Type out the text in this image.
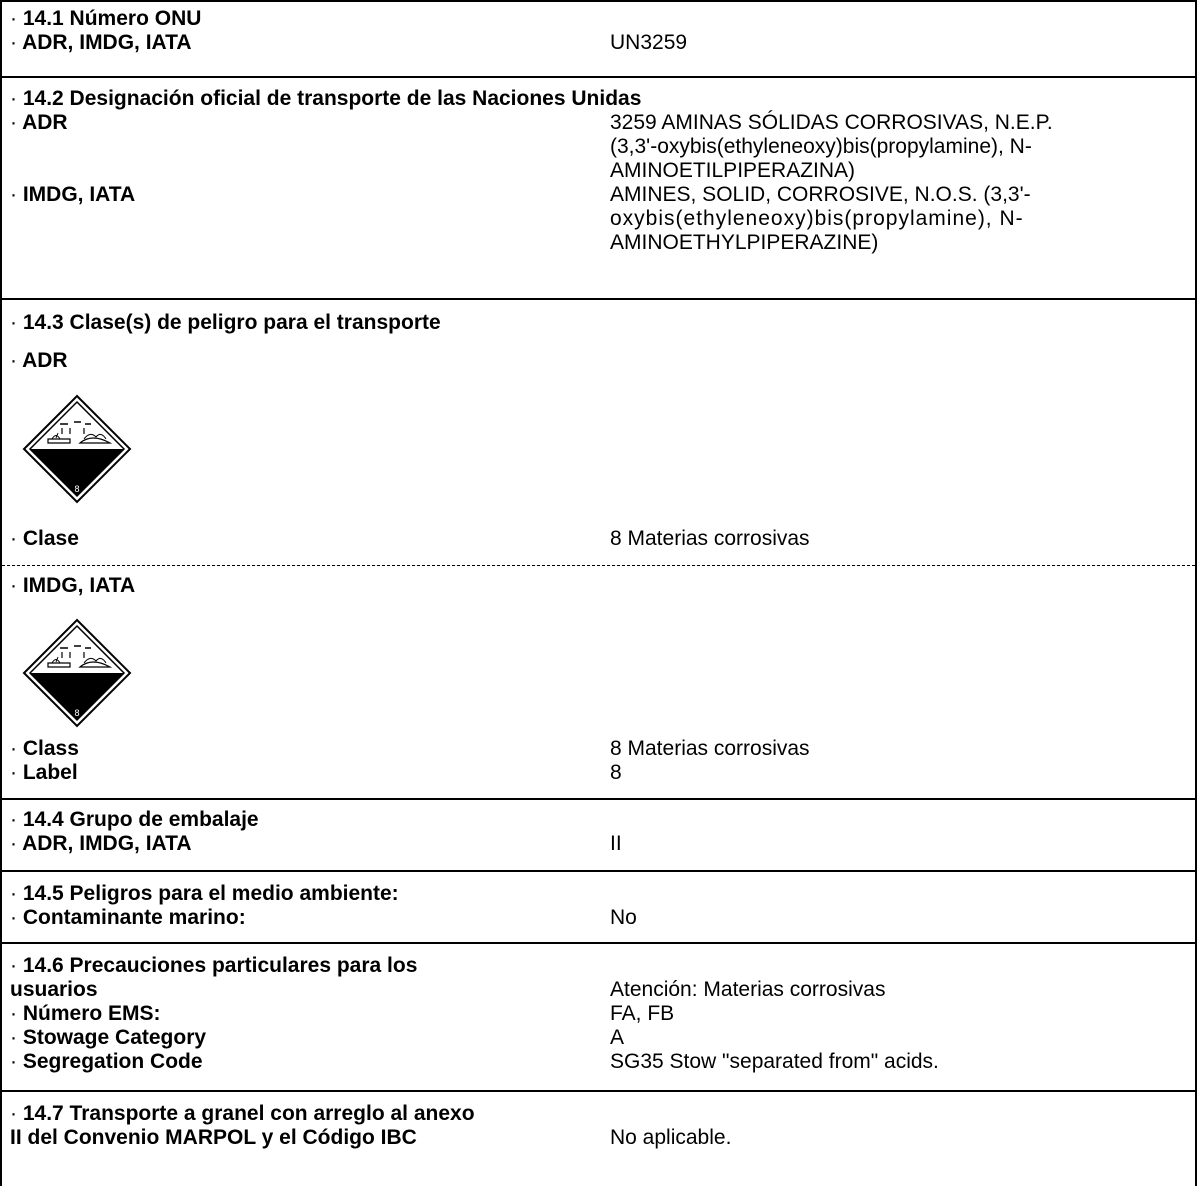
· 14.1 Número ONU
· ADR, IMDG, IATA	UN3259
· 14.2 Designación oficial de transporte de las Naciones Unidas
· ADR	3259 AMINAS SÓLIDAS CORROSIVAS, N.E.P.
(3,3'-oxybis(ethyleneoxy)bis(propylamine), N-
AMINOETILPIPERAZINA)
· IMDG, IATA	AMINES, SOLID, CORROSIVE, N.O.S. (3,3'-
oxybis(ethyleneoxy)bis(propylamine), N-
AMINOETHYLPIPERAZINE)
· 14.3 Clase(s) de peligro para el transporte
· ADR
8
· Clase	8 Materias corrosivas
· IMDG, IATA
8
· Class	8 Materias corrosivas
· Label	8
· 14.4 Grupo de embalaje
· ADR, IMDG, IATA	II
· 14.5 Peligros para el medio ambiente:
· Contaminante marino:	No
· 14.6 Precauciones particulares para los
usuarios	Atención: Materias corrosivas
· Número EMS:	FA, FB
· Stowage Category	A
· Segregation Code	SG35 Stow "separated from" acids.
· 14.7 Transporte a granel con arreglo al anexo
II del Convenio MARPOL y el Código IBC	No aplicable.
